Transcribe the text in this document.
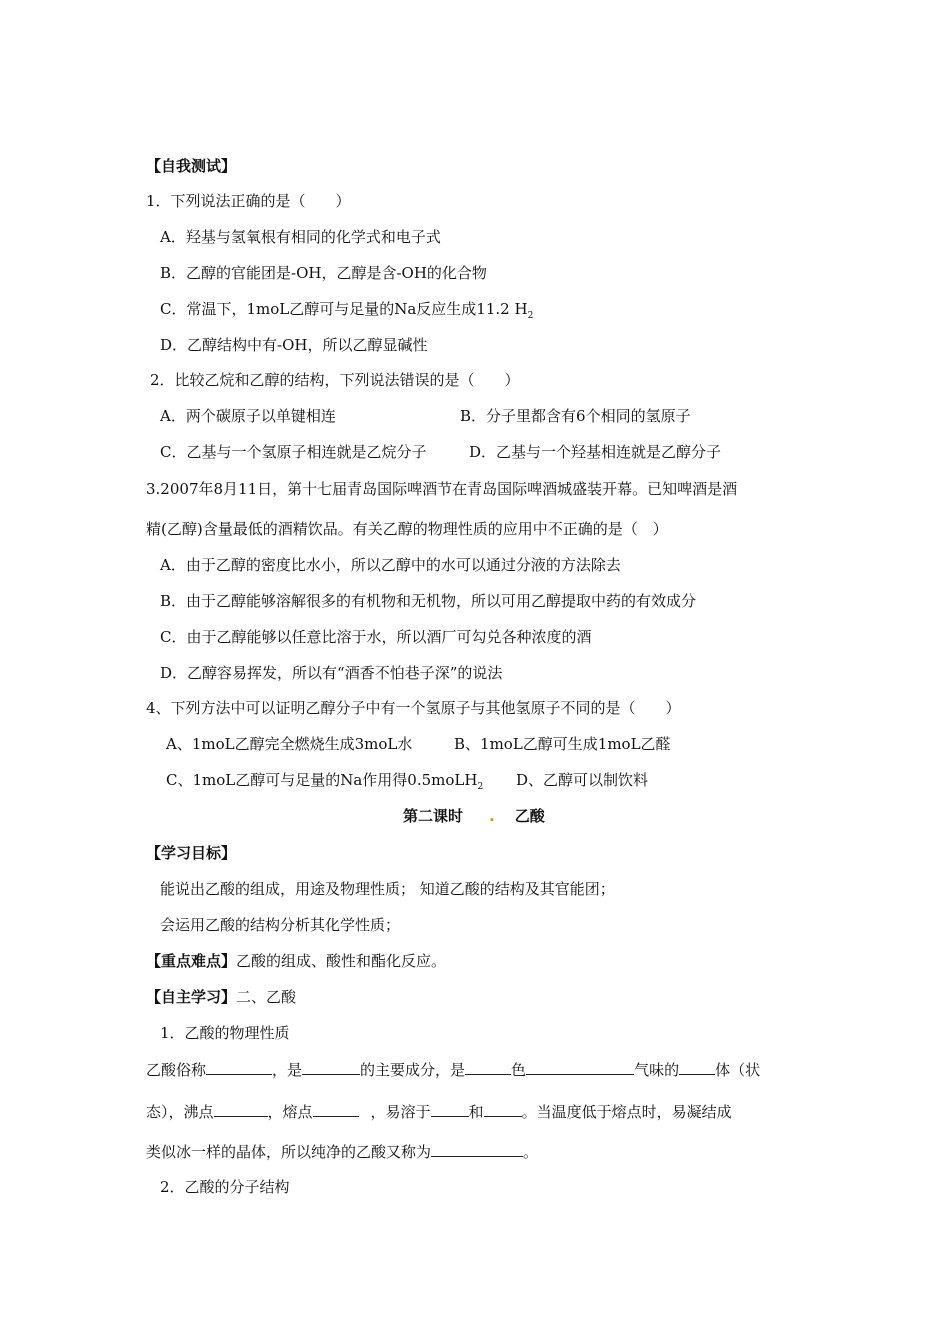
【自我测试】
1．下列说法正确的是（　　）
A．羟基与氢氧根有相同的化学式和电子式
B．乙醇的官能团是-OH，乙醇是含-OH的化合物
C．常温下，1moL乙醇可与足量的Na反应生成11.2 $H_2$
D．乙醇结构中有-OH，所以乙醇显碱性
2．比较乙烷和乙醇的结构，下列说法错误的是（　　）
A．两个碳原子以单键相连	B．分子里都含有6个相同的氢原子
C．乙基与一个氢原子相连就是乙烷分子	D．乙基与一个羟基相连就是乙醇分子
3.2007年8月11日，第十七届青岛国际啤酒节在青岛国际啤酒城盛装开幕。已知啤酒是酒
精(乙醇)含量最低的酒精饮品。有关乙醇的物理性质的应用中不正确的是（　）
A．由于乙醇的密度比水小，所以乙醇中的水可以通过分液的方法除去
B．由于乙醇能够溶解很多的有机物和无机物，所以可用乙醇提取中药的有效成分
C．由于乙醇能够以任意比溶于水，所以酒厂可勾兑各种浓度的酒
D．乙醇容易挥发，所以有“酒香不怕巷子深”的说法
4、下列方法中可以证明乙醇分子中有一个氢原子与其他氢原子不同的是（　　）
A、1moL乙醇完全燃烧生成3moL水	B、1moL乙醇可生成1moL乙醛
C、1moL乙醇可与足量的Na作用得0.5moLH$_2$ D、乙醇可以制饮料
第二课时 . 乙酸
【学习目标】
能说出乙酸的组成，用途及物理性质； 知道乙酸的结构及其官能团；
会运用乙酸的结构分析其化学性质；
【重点难点】乙酸的组成、酸性和酯化反应。
【自主学习】二、乙酸
1．乙酸的物理性质
乙酸俗称	，是	的主要成分，是	色	气味的 体（状
态），沸点	，熔点	，易溶于	和	。当温度低于熔点时，易凝结成
类似冰一样的晶体，所以纯净的乙酸又称为	。
2．乙酸的分子结构
